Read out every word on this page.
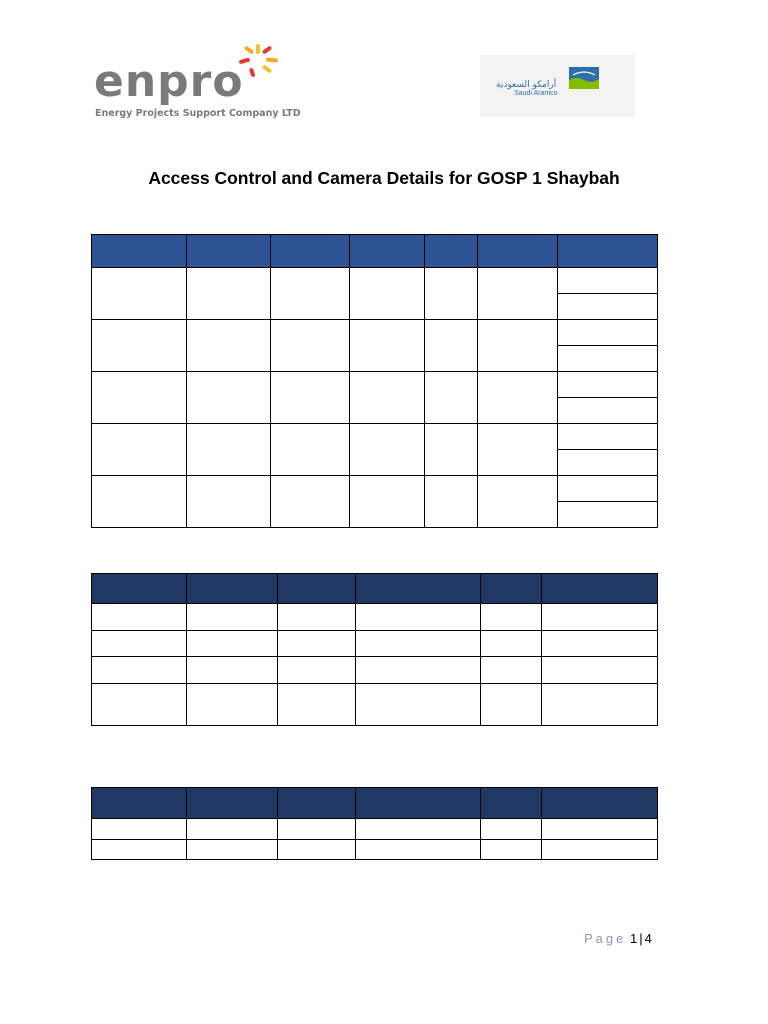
enpro
Energy Projects Support Company LTD
أرامكو السعودية
Saudi Aramco
Access Control and Camera Details for GOSP 1 Shaybah

Page 1 | 4
